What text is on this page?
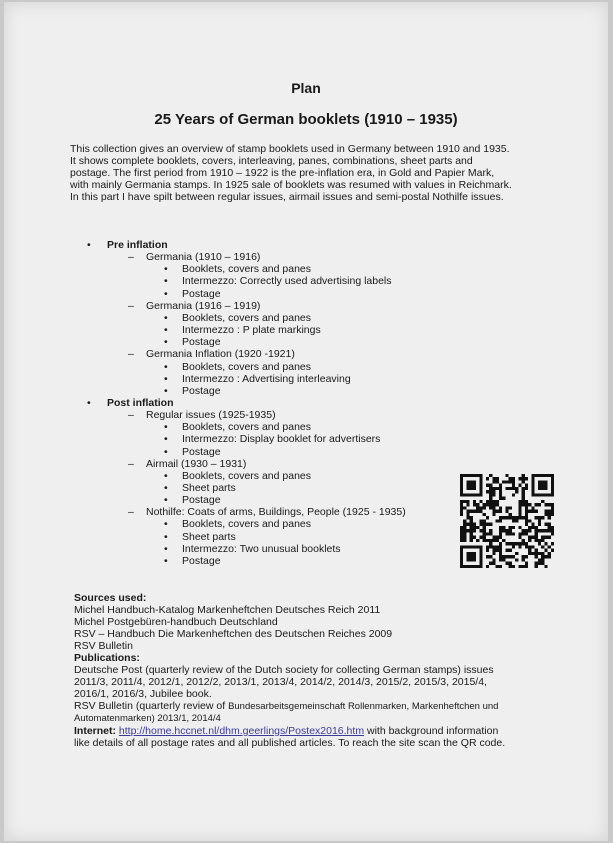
Plan
25 Years of German booklets (1910 – 1935)
This collection gives an overview of stamp booklets used in Germany between 1910 and 1935.
It shows complete booklets, covers, interleaving, panes, combinations, sheet parts and
postage. The first period from 1910 – 1922 is the pre-inflation era, in Gold and Papier Mark,
with mainly Germania stamps. In 1925 sale of booklets was resumed with values in Reichmark.
In this part I have spilt between regular issues, airmail issues and semi-postal Nothilfe issues.
• Pre inflation
– Germania (1910 – 1916)
• Booklets, covers and panes
• Intermezzo: Correctly used advertising labels
• Postage
– Germania (1916 – 1919)
• Booklets, covers and panes
• Intermezzo : P plate markings
• Postage
– Germania Inflation (1920 -1921)
• Booklets, covers and panes
• Intermezzo : Advertising interleaving
• Postage
• Post inflation
– Regular issues (1925-1935)
• Booklets, covers and panes
• Intermezzo: Display booklet for advertisers
• Postage
– Airmail (1930 – 1931)
• Booklets, covers and panes
• Sheet parts
• Postage
– Nothilfe: Coats of arms, Buildings, People (1925 - 1935)
• Booklets, covers and panes
• Sheet parts
• Intermezzo: Two unusual booklets
• Postage
Sources used:
Michel Handbuch-Katalog Markenheftchen Deutsches Reich 2011
Michel Postgebüren-handbuch Deutschland
RSV – Handbuch Die Markenheftchen des Deutschen Reiches 2009
RSV Bulletin
Publications:
Deutsche Post (quarterly review of the Dutch society for collecting German stamps) issues
2011/3, 2011/4, 2012/1, 2012/2, 2013/1, 2013/4, 2014/2, 2014/3, 2015/2, 2015/3, 2015/4,
2016/1, 2016/3, Jubilee book.
RSV Bulletin (quarterly review of Bundesarbeitsgemeinschaft Rollenmarken, Markenheftchen und
Automatenmarken) 2013/1, 2014/4
Internet: http://home.hccnet.nl/dhm.geerlings/Postex2016.htm with background information
like details of all postage rates and all published articles. To reach the site scan the QR code.
